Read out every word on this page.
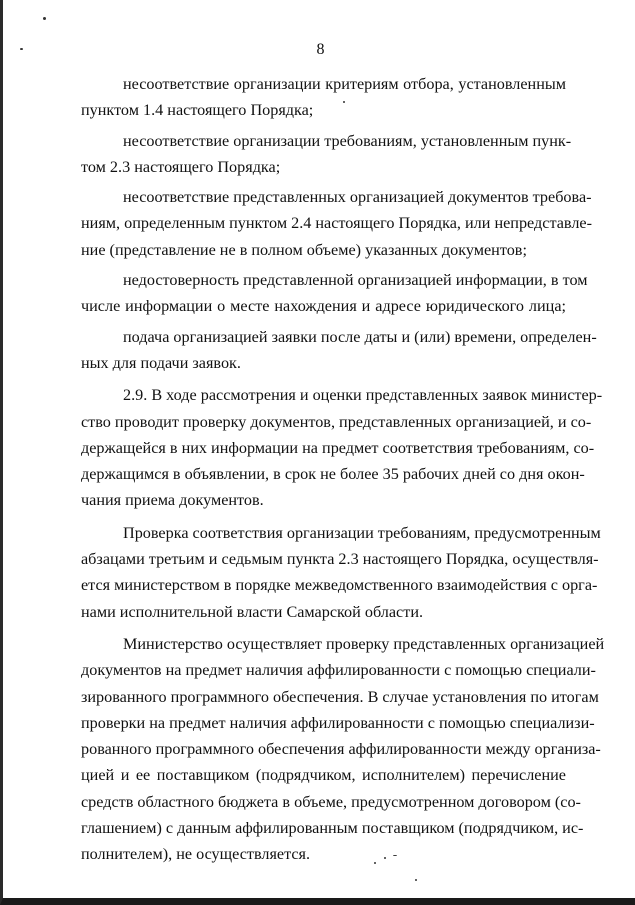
8

несоответствие организации критериям отбора, установленным
пунктом 1.4 настоящего Порядка;

несоответствие организации требованиям, установленным пунк-
том 2.3 настоящего Порядка;

несоответствие представленных организацией документов требова-
ниям, определенным пунктом 2.4 настоящего Порядка, или непредставле-
ние (представление не в полном объеме) указанных документов;

недостоверность представленной организацией информации, в том
числе информации о месте нахождения и адресе юридического лица;

подача организацией заявки после даты и (или) времени, определен-
ных для подачи заявок.

2.9. В ходе рассмотрения и оценки представленных заявок министер-
ство проводит проверку документов, представленных организацией, и со-
держащейся в них информации на предмет соответствия требованиям, со-
держащимся в объявлении, в срок не более 35 рабочих дней со дня окон-
чания приема документов.

Проверка соответствия организации требованиям, предусмотренным
абзацами третьим и седьмым пункта 2.3 настоящего Порядка, осуществля-
ется министерством в порядке межведомственного взаимодействия с орга-
нами исполнительной власти Самарской области.

Министерство осуществляет проверку представленных организацией
документов на предмет наличия аффилированности с помощью специали-
зированного программного обеспечения. В случае установления по итогам
проверки на предмет наличия аффилированности с помощью специализи-
рованного программного обеспечения аффилированности между организа-
цией и ее поставщиком (подрядчиком, исполнителем) перечисление
средств областного бюджета в объеме, предусмотренном договором (со-
глашением) с данным аффилированным поставщиком (подрядчиком, ис-
полнителем), не осуществляется.
